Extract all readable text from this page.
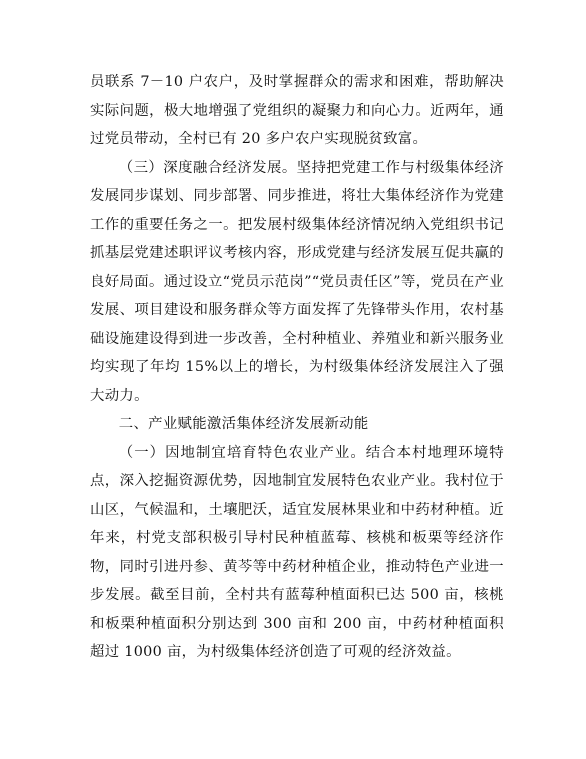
员联系 7－10 户农户，及时掌握群众的需求和困难，帮助解决实际问题，极大地增强了党组织的凝聚力和向心力。近两年，通过党员带动，全村已有 20 多户农户实现脱贫致富。

（三）深度融合经济发展。坚持把党建工作与村级集体经济发展同步谋划、同步部署、同步推进，将壮大集体经济作为党建工作的重要任务之一。把发展村级集体经济情况纳入党组织书记抓基层党建述职评议考核内容，形成党建与经济发展互促共赢的良好局面。通过设立“党员示范岗”“党员责任区”等，党员在产业发展、项目建设和服务群众等方面发挥了先锋带头作用，农村基础设施建设得到进一步改善，全村种植业、养殖业和新兴服务业均实现了年均 15%以上的增长，为村级集体经济发展注入了强大动力。

二、产业赋能激活集体经济发展新动能

（一）因地制宜培育特色农业产业。结合本村地理环境特点，深入挖掘资源优势，因地制宜发展特色农业产业。我村位于山区，气候温和，土壤肥沃，适宜发展林果业和中药材种植。近年来，村党支部积极引导村民种植蓝莓、核桃和板栗等经济作物，同时引进丹参、黄芩等中药材种植企业，推动特色产业进一步发展。截至目前，全村共有蓝莓种植面积已达 500 亩，核桃和板栗种植面积分别达到 300 亩和 200 亩，中药材种植面积超过 1000 亩，为村级集体经济创造了可观的经济效益。
